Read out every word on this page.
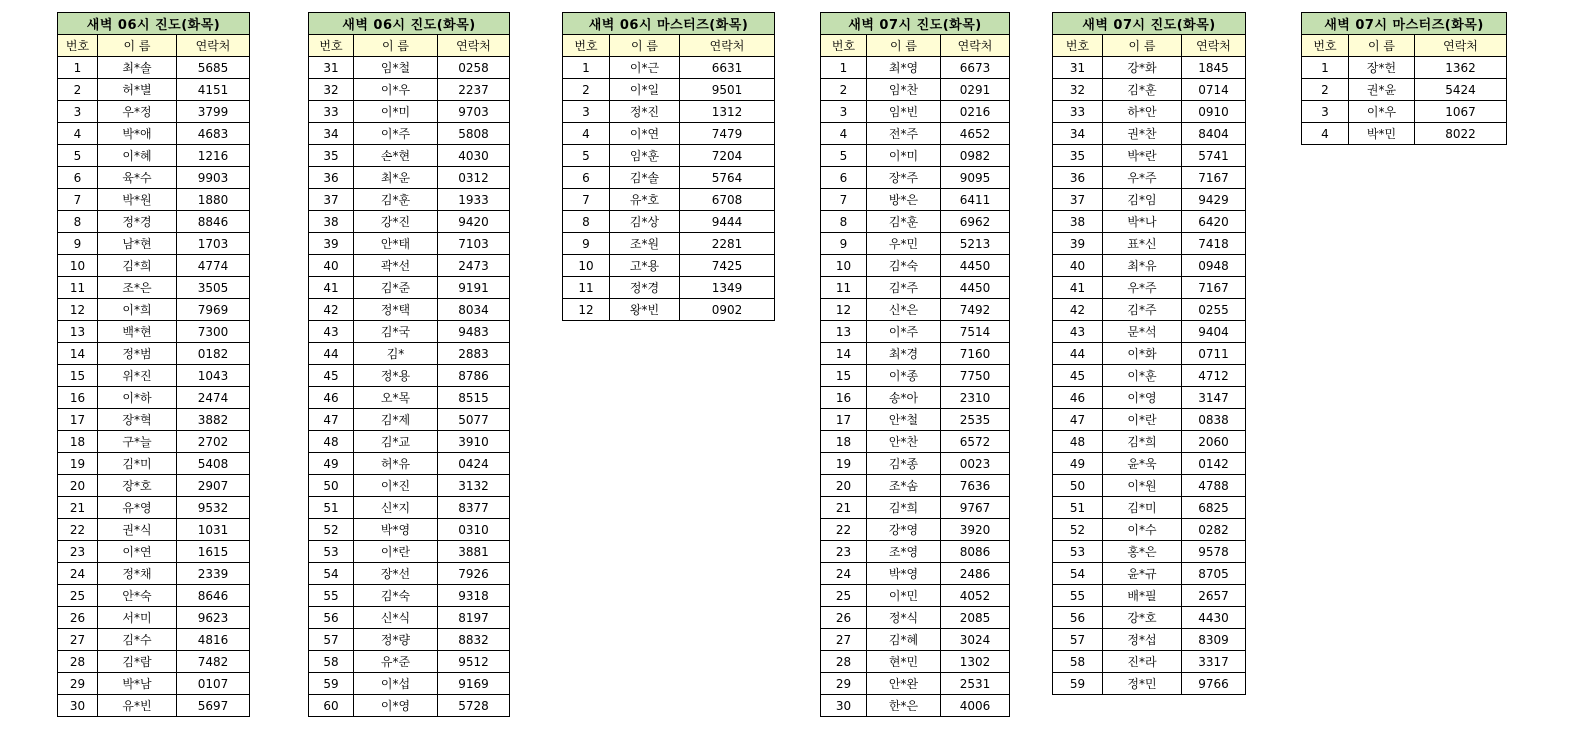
새벽 06시 진도(화목)		
번호	이 름	연락처
1	최*솔	5685
2	허*별	4151
3	우*정	3799
4	박*애	4683
5	이*혜	1216
6	육*수	9903
7	박*원	1880
8	정*경	8846
9	남*현	1703
10	김*희	4774
11	조*은	3505
12	이*희	7969
13	백*현	7300
14	정*범	0182
15	위*진	1043
16	이*하	2474
17	장*혁	3882
18	구*늘	2702
19	김*미	5408
20	장*호	2907
21	유*영	9532
22	권*식	1031
23	이*연	1615
24	정*채	2339
25	안*숙	8646
26	서*미	9623
27	김*수	4816
28	김*람	7482
29	박*남	0107
30	유*빈	5697
새벽 06시 진도(화목)		
번호	이 름	연락처
31	임*철	0258
32	이*우	2237
33	이*미	9703
34	이*주	5808
35	손*현	4030
36	최*운	0312
37	김*훈	1933
38	강*진	9420
39	안*태	7103
40	곽*선	2473
41	김*준	9191
42	정*택	8034
43	김*국	9483
44	김*	2883
45	정*용	8786
46	오*목	8515
47	김*제	5077
48	김*교	3910
49	허*유	0424
50	이*진	3132
51	신*지	8377
52	박*영	0310
53	이*란	3881
54	장*선	7926
55	김*숙	9318
56	신*식	8197
57	정*량	8832
58	유*준	9512
59	이*섭	9169
60	이*영	5728
새벽 06시 마스터즈(화목)		
번호	이 름	연락처
1	이*근	6631
2	이*일	9501
3	정*진	1312
4	이*연	7479
5	임*훈	7204
6	김*솔	5764
7	유*호	6708
8	김*상	9444
9	조*원	2281
10	고*용	7425
11	정*경	1349
12	왕*빈	0902
새벽 07시 진도(화목)		
번호	이 름	연락처
1	최*영	6673
2	임*찬	0291
3	임*빈	0216
4	전*주	4652
5	이*미	0982
6	장*주	9095
7	방*은	6411
8	김*훈	6962
9	우*민	5213
10	김*숙	4450
11	김*주	4450
12	신*은	7492
13	이*주	7514
14	최*경	7160
15	이*종	7750
16	송*아	2310
17	안*철	2535
18	안*찬	6572
19	김*종	0023
20	조*솜	7636
21	김*희	9767
22	강*영	3920
23	조*영	8086
24	박*영	2486
25	이*민	4052
26	정*식	2085
27	김*혜	3024
28	현*민	1302
29	안*완	2531
30	한*은	4006
새벽 07시 진도(화목)		
번호	이 름	연락처
31	강*화	1845
32	김*훈	0714
33	하*안	0910
34	권*찬	8404
35	박*란	5741
36	우*주	7167
37	김*임	9429
38	박*나	6420
39	표*신	7418
40	최*유	0948
41	우*주	7167
42	김*주	0255
43	문*석	9404
44	이*화	0711
45	이*훈	4712
46	이*영	3147
47	이*란	0838
48	김*희	2060
49	윤*욱	0142
50	이*원	4788
51	김*미	6825
52	이*수	0282
53	홍*은	9578
54	윤*규	8705
55	배*필	2657
56	강*호	4430
57	정*섭	8309
58	진*라	3317
59	정*민	9766
새벽 07시 마스터즈(화목)		
번호	이 름	연락처
1	장*헌	1362
2	권*윤	5424
3	이*우	1067
4	박*민	8022
